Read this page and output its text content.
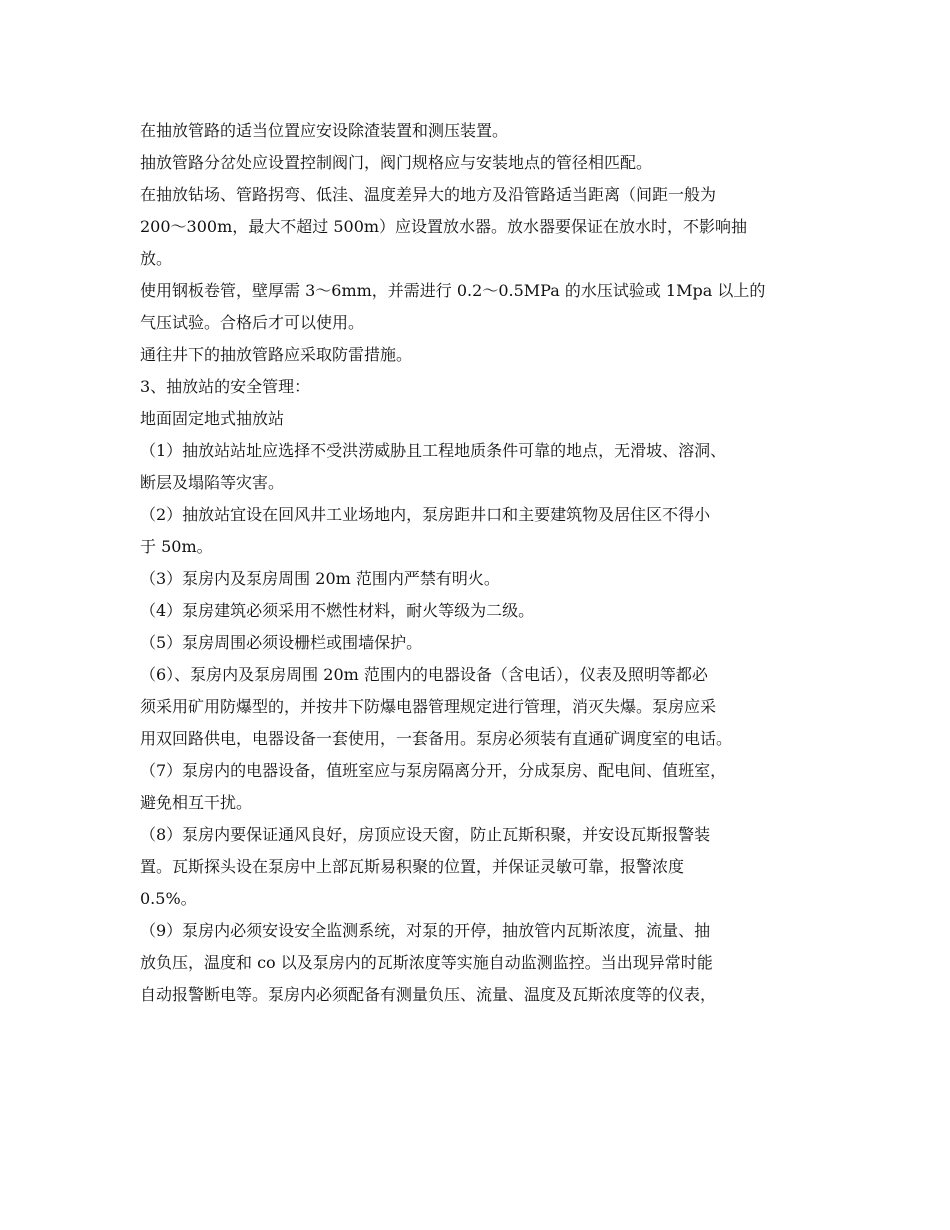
在抽放管路的适当位置应安设除渣装置和测压装置。
抽放管路分岔处应设置控制阀门，阀门规格应与安装地点的管径相匹配。
在抽放钻场、管路拐弯、低洼、温度差异大的地方及沿管路适当距离（间距一般为
200～300m，最大不超过 500m）应设置放水器。放水器要保证在放水时，不影响抽
放。
使用钢板卷管，壁厚需 3～6mm，并需进行 0.2～0.5MPa 的水压试验或 1Mpa 以上的
气压试验。合格后才可以使用。
通往井下的抽放管路应采取防雷措施。
3、抽放站的安全管理：
地面固定地式抽放站
（1）抽放站站址应选择不受洪涝威胁且工程地质条件可靠的地点，无滑坡、溶洞、
断层及塌陷等灾害。
（2）抽放站宜设在回风井工业场地内，泵房距井口和主要建筑物及居住区不得小
于 50m。
（3）泵房内及泵房周围 20m 范围内严禁有明火。
（4）泵房建筑必须采用不燃性材料，耐火等级为二级。
（5）泵房周围必须设栅栏或围墙保护。
（6）、泵房内及泵房周围 20m 范围内的电器设备（含电话），仪表及照明等都必
须采用矿用防爆型的，并按井下防爆电器管理规定进行管理，消灭失爆。泵房应采
用双回路供电，电器设备一套使用，一套备用。泵房必须装有直通矿调度室的电话。
（7）泵房内的电器设备，值班室应与泵房隔离分开，分成泵房、配电间、值班室，
避免相互干扰。
（8）泵房内要保证通风良好，房顶应设天窗，防止瓦斯积聚，并安设瓦斯报警装
置。瓦斯探头设在泵房中上部瓦斯易积聚的位置，并保证灵敏可靠，报警浓度
0.5%。
（9）泵房内必须安设安全监测系统，对泵的开停，抽放管内瓦斯浓度，流量、抽
放负压，温度和 co 以及泵房内的瓦斯浓度等实施自动监测监控。当出现异常时能
自动报警断电等。泵房内必须配备有测量负压、流量、温度及瓦斯浓度等的仪表，
